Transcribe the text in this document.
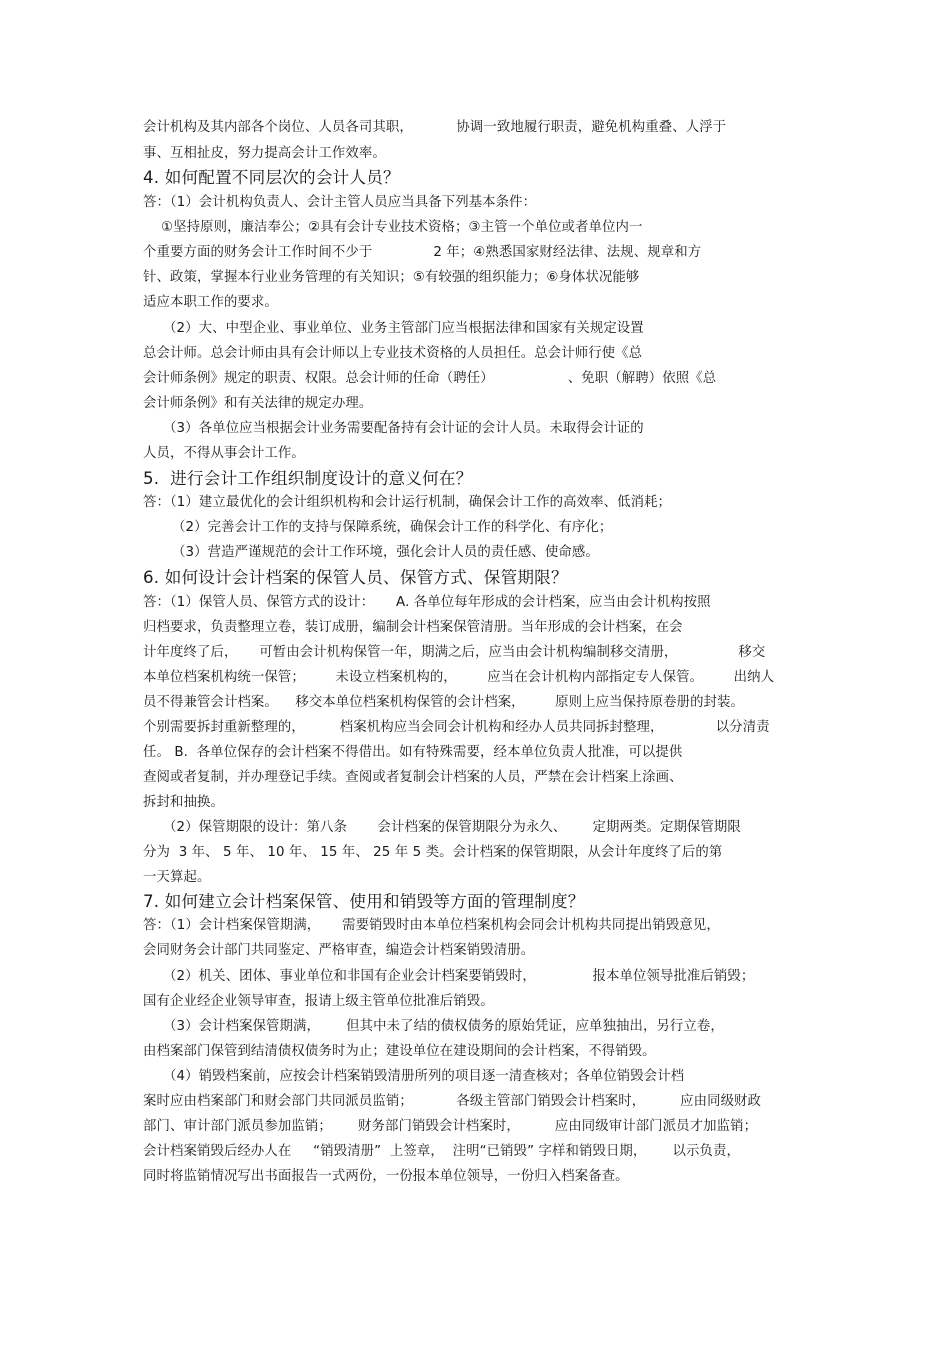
会计机构及其内部各个岗位、人员各司其职，          协调一致地履行职责，避免机构重叠、人浮于
事、互相扯皮，努力提高会计工作效率。
4. 如何配置不同层次的会计人员？
答：（1）会计机构负责人、会计主管人员应当具备下列基本条件：
①坚持原则，廉洁奉公；②具有会计专业技术资格；③主管一个单位或者单位内一
个重要方面的财务会计工作时间不少于              2 年；④熟悉国家财经法律、法规、规章和方
针、政策，掌握本行业业务管理的有关知识；⑤有较强的组织能力；⑥身体状况能够
适应本职工作的要求。
（2）大、中型企业、事业单位、业务主管部门应当根据法律和国家有关规定设置
总会计师。总会计师由具有会计师以上专业技术资格的人员担任。总会计师行使《总
会计师条例》规定的职责、权限。总会计师的任命（聘任）                 、免职（解聘）依照《总
会计师条例》和有关法律的规定办理。
（3）各单位应当根据会计业务需要配备持有会计证的会计人员。未取得会计证的
人员，不得从事会计工作。
5.  进行会计工作组织制度设计的意义何在？
答：（1）建立最优化的会计组织机构和会计运行机制，确保会计工作的高效率、低消耗；
（2）完善会计工作的支持与保障系统，确保会计工作的科学化、有序化；
（3）营造严谨规范的会计工作环境，强化会计人员的责任感、使命感。
6. 如何设计会计档案的保管人员、保管方式、保管期限？
答：（1）保管人员、保管方式的设计：     A. 各单位每年形成的会计档案，应当由会计机构按照
归档要求，负责整理立卷，装订成册，编制会计档案保管清册。当年形成的会计档案，在会
计年度终了后，     可暂由会计机构保管一年，期满之后，应当由会计机构编制移交清册，              移交
本单位档案机构统一保管；       未设立档案机构的，       应当在会计机构内部指定专人保管。       出纳人
员不得兼管会计档案。    移交本单位档案机构保管的会计档案，       原则上应当保持原卷册的封装。
个别需要拆封重新整理的，        档案机构应当会同会计机构和经办人员共同拆封整理，            以分清责
任。 B.  各单位保存的会计档案不得借出。如有特殊需要，经本单位负责人批准，可以提供
查阅或者复制，并办理登记手续。查阅或者复制会计档案的人员，严禁在会计档案上涂画、
拆封和抽换。
（2）保管期限的设计：第八条       会计档案的保管期限分为永久、      定期两类。定期保管期限
分为  3 年、 5 年、 10 年、 15 年、 25 年 5 类。会计档案的保管期限，从会计年度终了后的第
一天算起。
7. 如何建立会计档案保管、使用和销毁等方面的管理制度？
答：（1）会计档案保管期满，     需要销毁时由本单位档案机构会同会计机构共同提出销毁意见，
会同财务会计部门共同鉴定、严格审查，编造会计档案销毁清册。
（2）机关、团体、事业单位和非国有企业会计档案要销毁时，             报本单位领导批准后销毁；
国有企业经企业领导审查，报请上级主管单位批准后销毁。
（3）会计档案保管期满，      但其中未了结的债权债务的原始凭证，应单独抽出，另行立卷，
由档案部门保管到结清债权债务时为止；建设单位在建设期间的会计档案，不得销毁。
（4）销毁档案前，应按会计档案销毁清册所列的项目逐一清查核对；各单位销毁会计档
案时应由档案部门和财会部门共同派员监销；          各级主管部门销毁会计档案时，        应由同级财政
部门、审计部门派员参加监销；      财务部门销毁会计档案时，        应由同级审计部门派员才加监销；
会计档案销毁后经办人在     “销毁清册”  上签章，  注明“已销毁” 字样和销毁日期，      以示负责，
同时将监销情况写出书面报告一式两份，一份报本单位领导，一份归入档案备查。
